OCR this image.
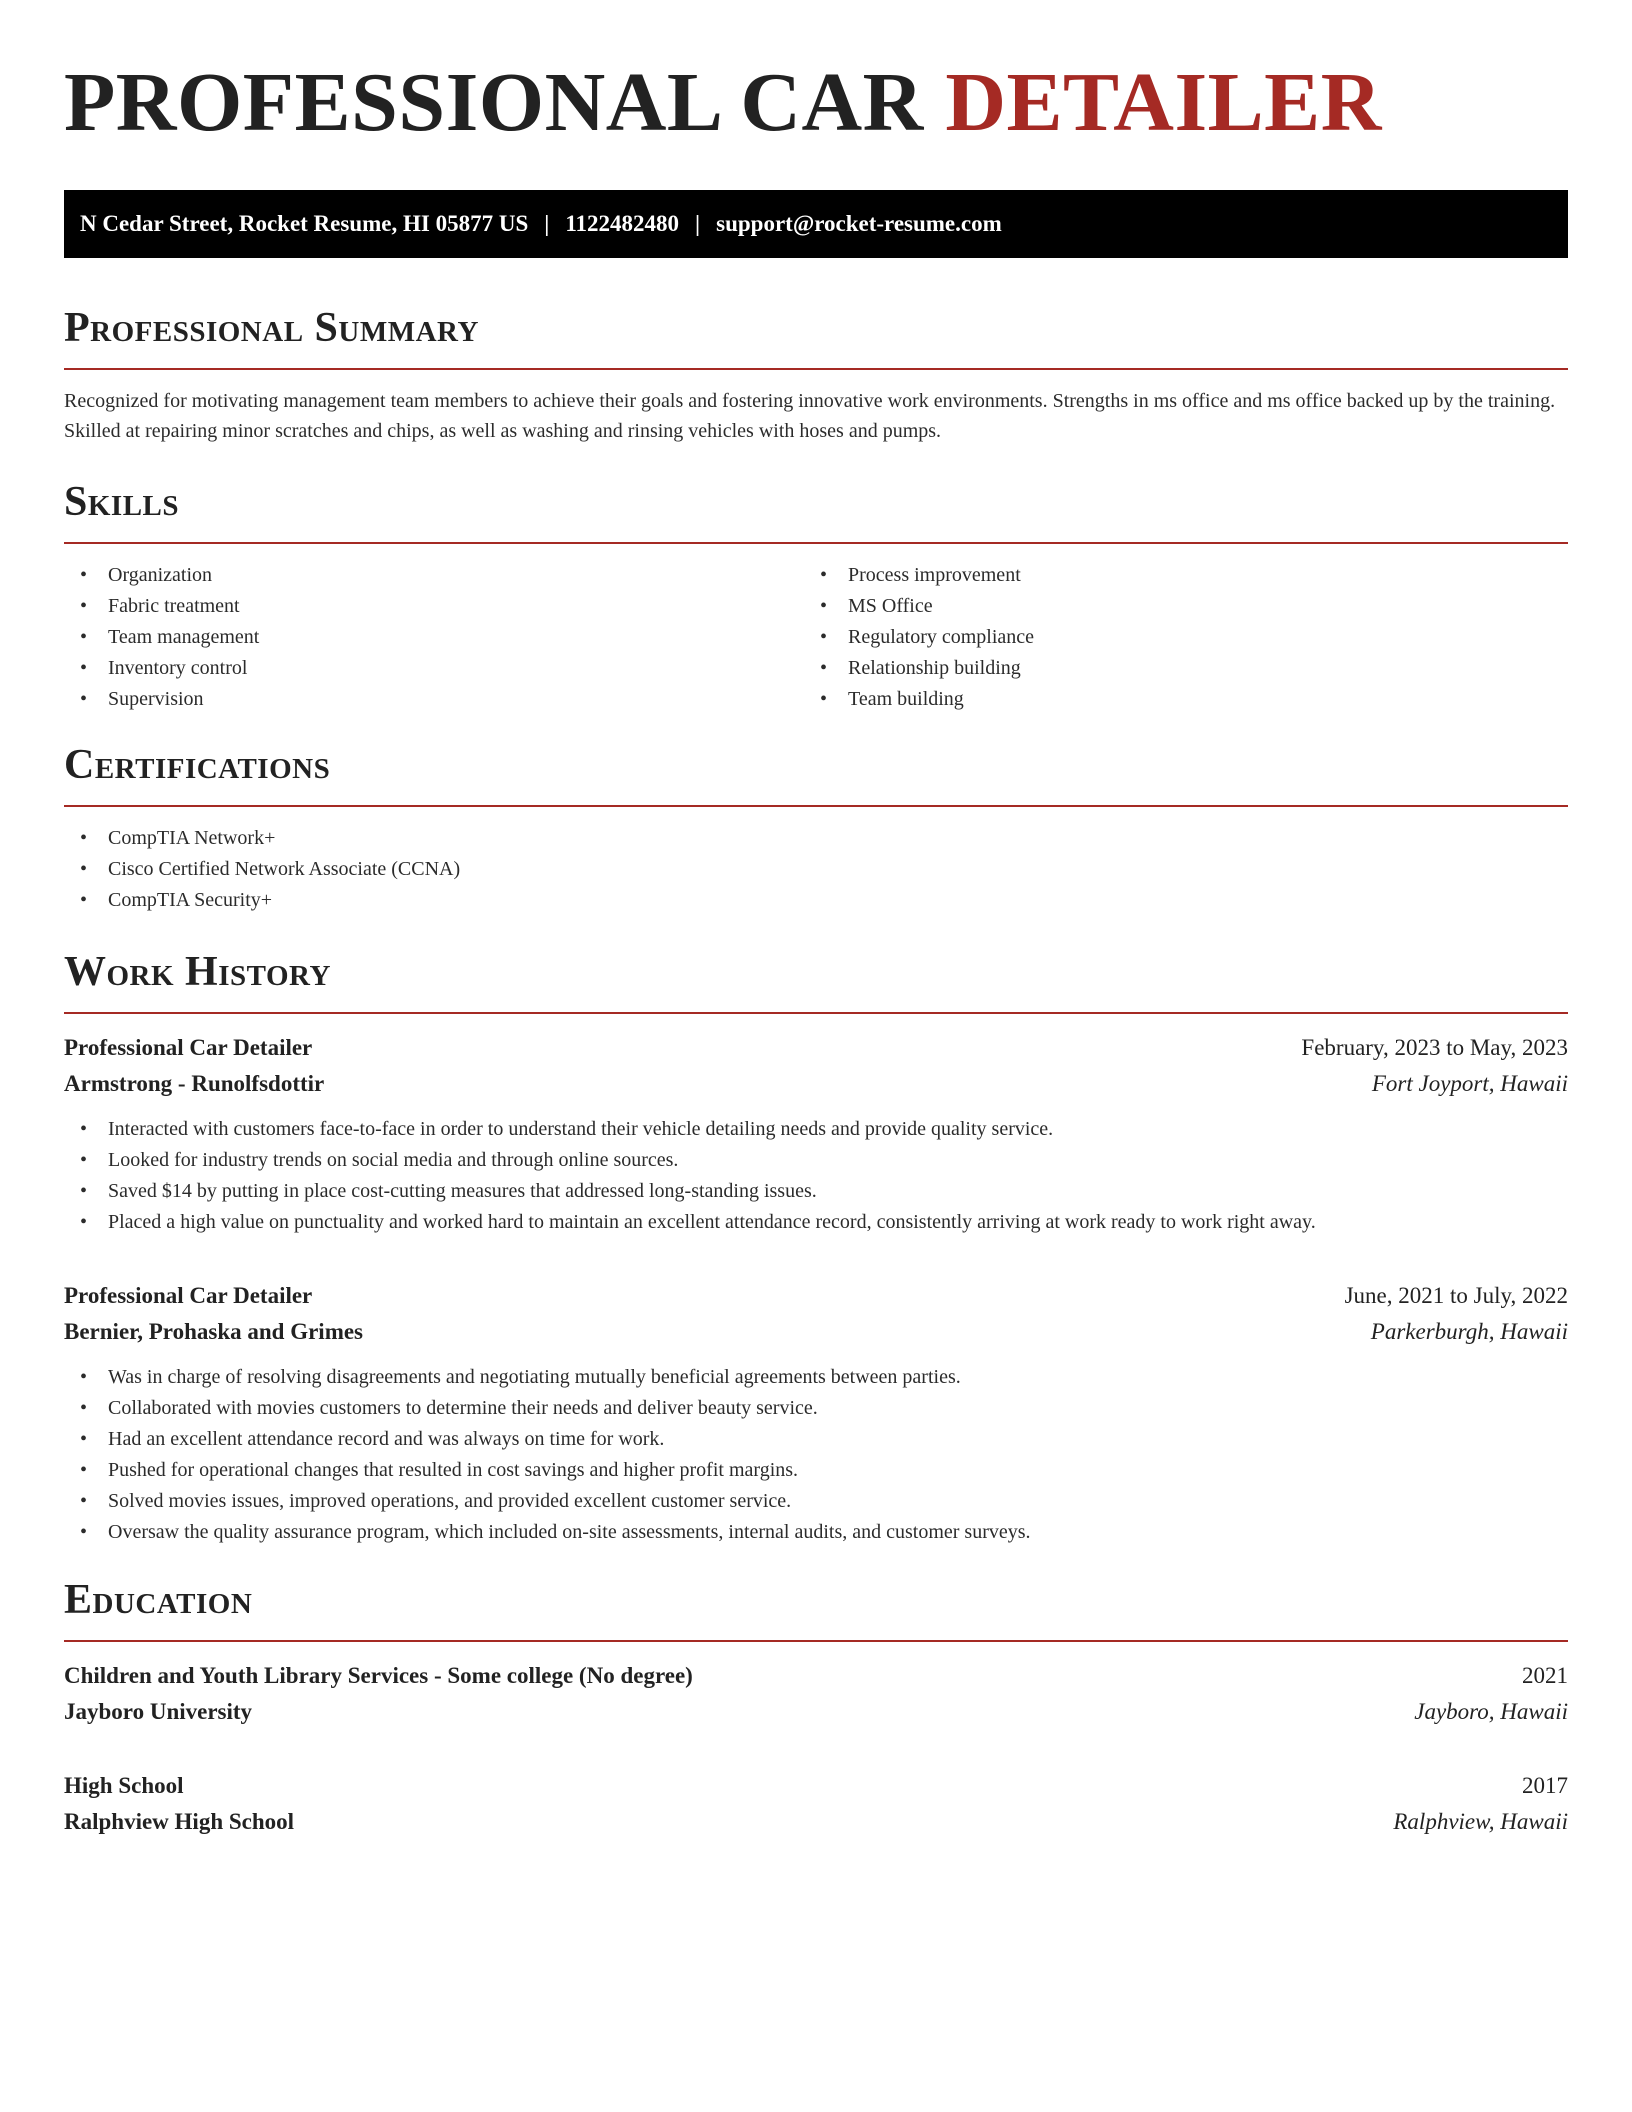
PROFESSIONAL CAR DETAILER
N Cedar Street, Rocket Resume, HI 05877 US | 1122482480 | support@rocket-resume.com
Professional Summary

Recognized for motivating management team members to achieve their goals and fostering innovative work environments. Strengths in ms office and ms office backed up by the training. Skilled at repairing minor scratches and chips, as well as washing and rinsing vehicles with hoses and pumps.

Skills
• Organization
• Fabric treatment
• Team management
• Inventory control
• Supervision
• Process improvement
• MS Office
• Regulatory compliance
• Relationship building
• Team building
Certifications
• CompTIA Network+
• Cisco Certified Network Associate (CCNA)
• CompTIA Security+
Work History
Professional Car Detailer	February, 2023 to May, 2023
Armstrong - Runolfsdottir	Fort Joyport, Hawaii
• Interacted with customers face-to-face in order to understand their vehicle detailing needs and provide quality service.
• Looked for industry trends on social media and through online sources.
• Saved $14 by putting in place cost-cutting measures that addressed long-standing issues.
• Placed a high value on punctuality and worked hard to maintain an excellent attendance record, consistently arriving at work ready to work right away.
Professional Car Detailer	June, 2021 to July, 2022
Bernier, Prohaska and Grimes	Parkerburgh, Hawaii
• Was in charge of resolving disagreements and negotiating mutually beneficial agreements between parties.
• Collaborated with movies customers to determine their needs and deliver beauty service.
• Had an excellent attendance record and was always on time for work.
• Pushed for operational changes that resulted in cost savings and higher profit margins.
• Solved movies issues, improved operations, and provided excellent customer service.
• Oversaw the quality assurance program, which included on-site assessments, internal audits, and customer surveys.
Education
Children and Youth Library Services - Some college (No degree)	2021
Jayboro University	Jayboro, Hawaii
High School	2017
Ralphview High School	Ralphview, Hawaii
